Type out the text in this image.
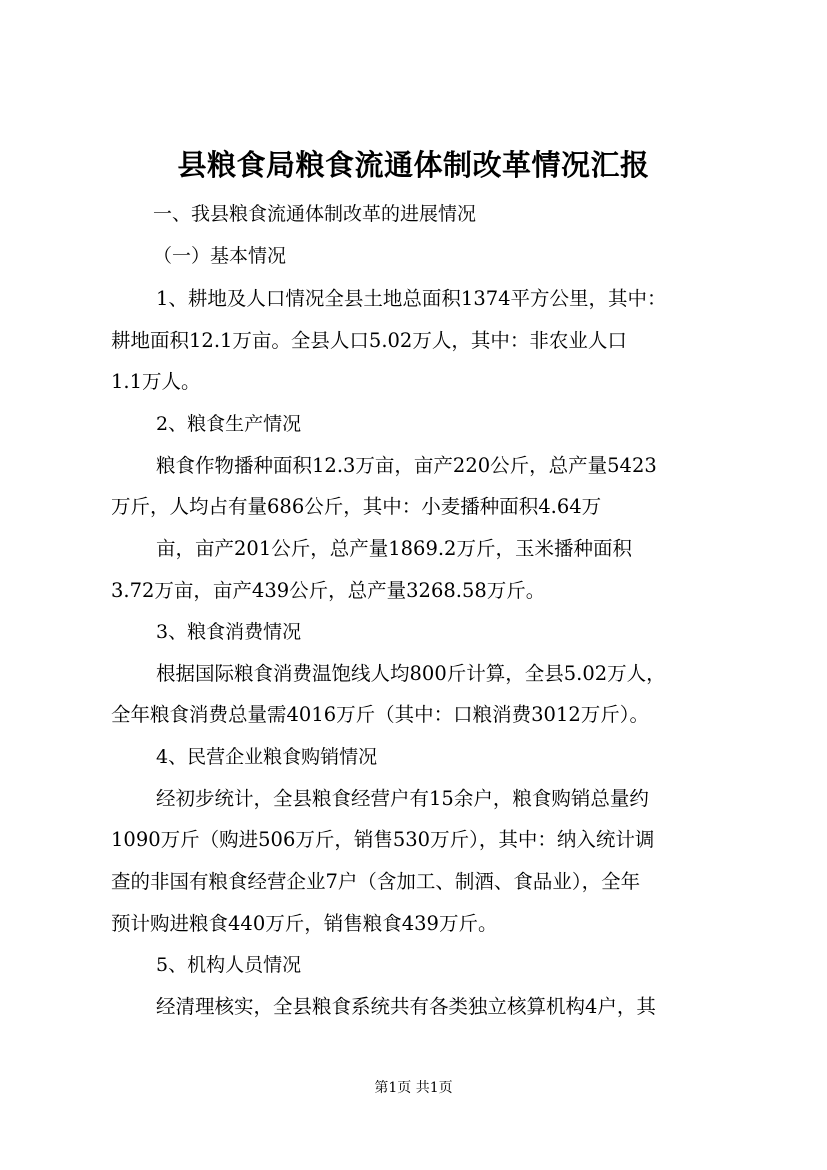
县粮食局粮食流通体制改革情况汇报
一、我县粮食流通体制改革的进展情况
（一）基本情况
1、耕地及人口情况全县土地总面积1374平方公里，其中：
耕地面积12.1万亩。全县人口5.02万人，其中：非农业人口
1.1万人。
2、粮食生产情况
粮食作物播种面积12.3万亩，亩产220公斤，总产量5423
万斤，人均占有量686公斤，其中：小麦播种面积4.64万
亩，亩产201公斤，总产量1869.2万斤，玉米播种面积
3.72万亩，亩产439公斤，总产量3268.58万斤。
3、粮食消费情况
根据国际粮食消费温饱线人均800斤计算，全县5.02万人，
全年粮食消费总量需4016万斤（其中：口粮消费3012万斤）。
4、民营企业粮食购销情况
经初步统计，全县粮食经营户有15余户，粮食购销总量约
1090万斤（购进506万斤，销售530万斤），其中：纳入统计调
查的非国有粮食经营企业7户（含加工、制酒、食品业），全年
预计购进粮食440万斤，销售粮食439万斤。
5、机构人员情况
经清理核实，全县粮食系统共有各类独立核算机构4户，其
第1页 共1页
